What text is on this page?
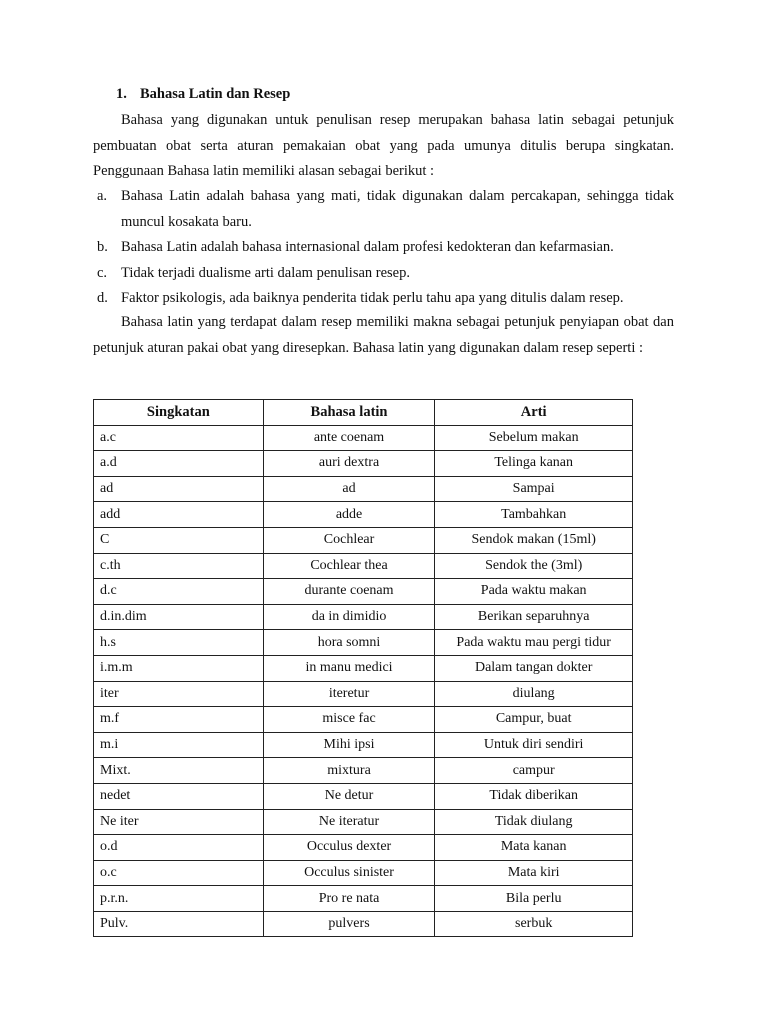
1. Bahasa Latin dan Resep

Bahasa yang digunakan untuk penulisan resep merupakan bahasa latin sebagai petunjuk pembuatan obat serta aturan pemakaian obat yang pada umunya ditulis berupa singkatan. Penggunaan Bahasa latin memiliki alasan sebagai berikut :

a. Bahasa Latin adalah bahasa yang mati, tidak digunakan dalam percakapan, sehingga tidak muncul kosakata baru.
b. Bahasa Latin adalah bahasa internasional dalam profesi kedokteran dan kefarmasian.
c. Tidak terjadi dualisme arti dalam penulisan resep.
d. Faktor psikologis, ada baiknya penderita tidak perlu tahu apa yang ditulis dalam resep.

Bahasa latin yang terdapat dalam resep memiliki makna sebagai petunjuk penyiapan obat dan petunjuk aturan pakai obat yang diresepkan. Bahasa latin yang digunakan dalam resep seperti :

Singkatan	Bahasa latin	Arti
a.c	ante coenam	Sebelum makan
a.d	auri dextra	Telinga kanan
ad	ad	Sampai
add	adde	Tambahkan
C	Cochlear	Sendok makan (15ml)
c.th	Cochlear thea	Sendok the (3ml)
d.c	durante coenam	Pada waktu makan
d.in.dim	da in dimidio	Berikan separuhnya
h.s	hora somni	Pada waktu mau pergi tidur
i.m.m	in manu medici	Dalam tangan dokter
iter	iteretur	diulang
m.f	misce fac	Campur, buat
m.i	Mihi ipsi	Untuk diri sendiri
Mixt.	mixtura	campur
nedet	Ne detur	Tidak diberikan
Ne iter	Ne iteratur	Tidak diulang
o.d	Occulus dexter	Mata kanan
o.c	Occulus sinister	Mata kiri
p.r.n.	Pro re nata	Bila perlu
Pulv.	pulvers	serbuk
